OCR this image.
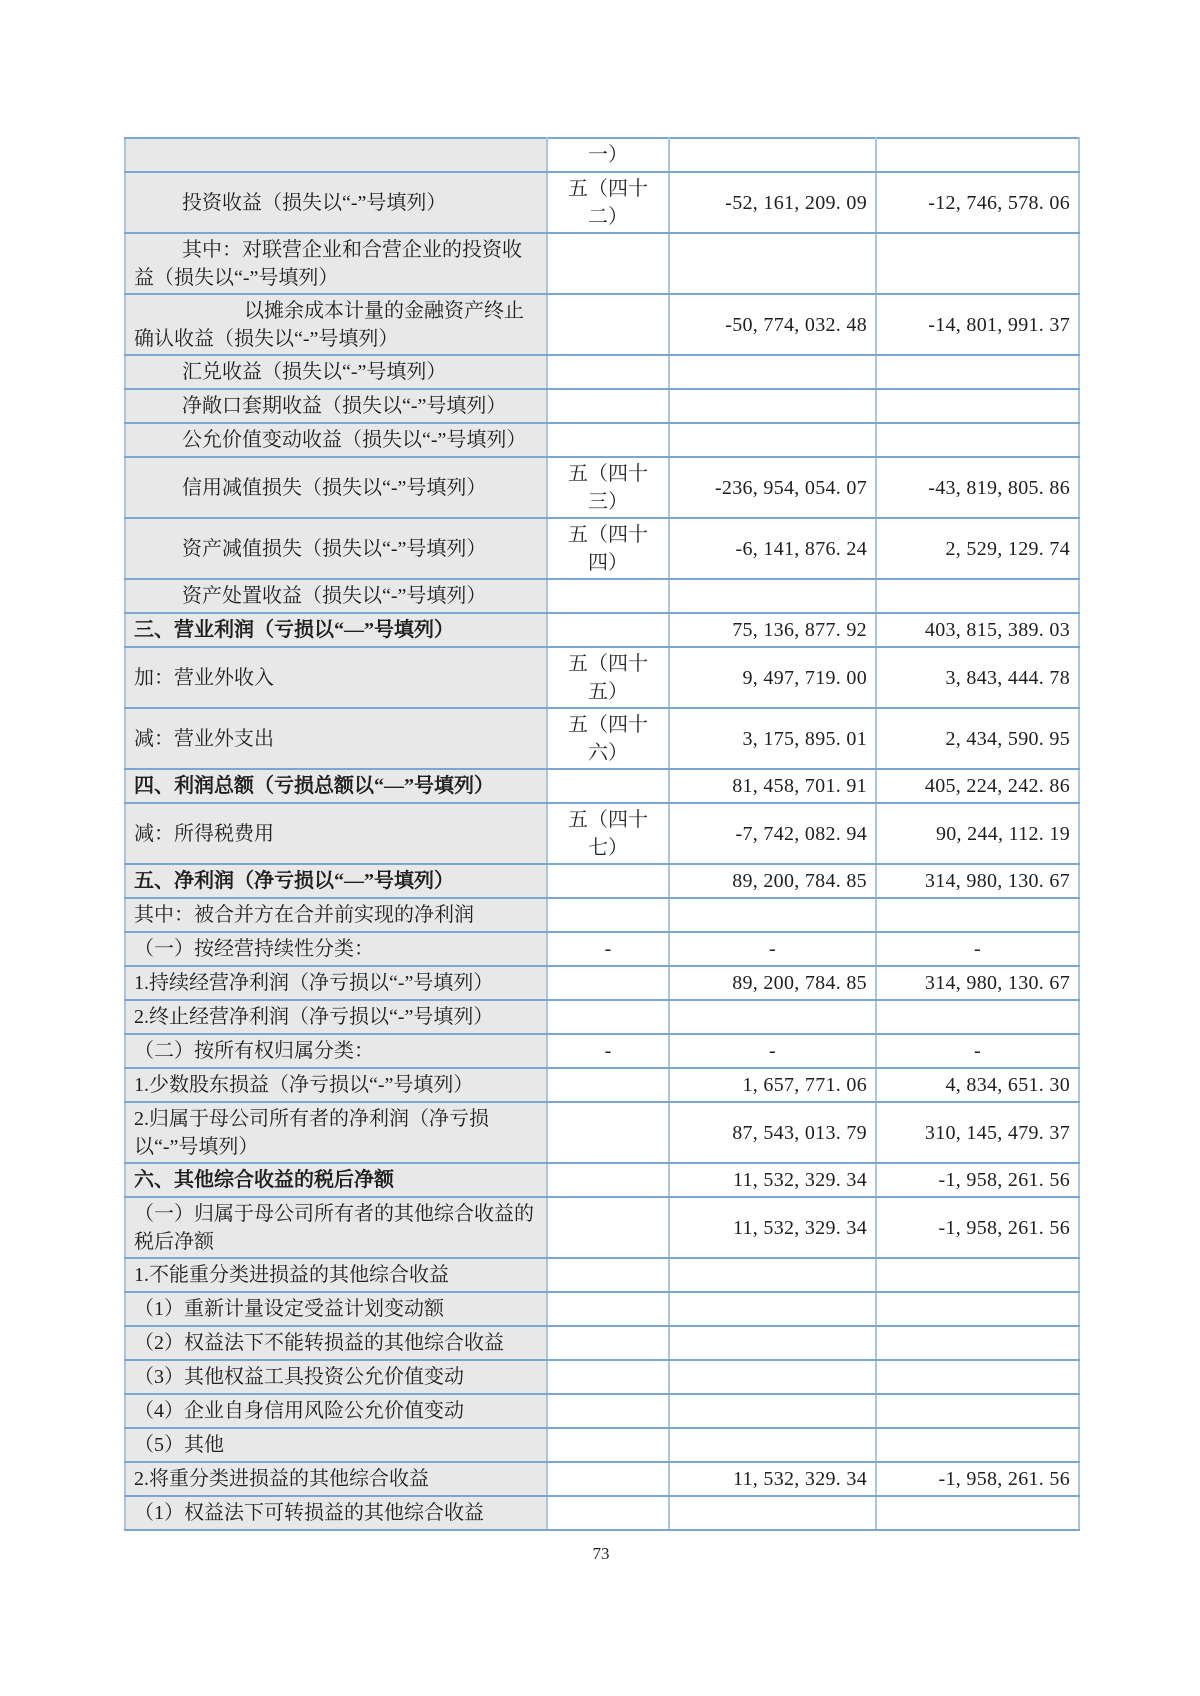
	一）		
投资收益（损失以“-”号填列）	五（四十二）	-52, 161, 209. 09	-12, 746, 578. 06
其中：对联营企业和合营企业的投资收益（损失以“-”号填列）			
以摊余成本计量的金融资产终止确认收益（损失以“-”号填列）		-50, 774, 032. 48	-14, 801, 991. 37
汇兑收益（损失以“-”号填列）			
净敞口套期收益（损失以“-”号填列）			
公允价值变动收益（损失以“-”号填列）			
信用减值损失（损失以“-”号填列）	五（四十三）	-236, 954, 054. 07	-43, 819, 805. 86
资产减值损失（损失以“-”号填列）	五（四十四）	-6, 141, 876. 24	2, 529, 129. 74
资产处置收益（损失以“-”号填列）			
三、营业利润（亏损以“—”号填列）		75, 136, 877. 92	403, 815, 389. 03
加：营业外收入	五（四十五）	9, 497, 719. 00	3, 843, 444. 78
减：营业外支出	五（四十六）	3, 175, 895. 01	2, 434, 590. 95
四、利润总额（亏损总额以“—”号填列）		81, 458, 701. 91	405, 224, 242. 86
减：所得税费用	五（四十七）	-7, 742, 082. 94	90, 244, 112. 19
五、净利润（净亏损以“—”号填列）		89, 200, 784. 85	314, 980, 130. 67
其中：被合并方在合并前实现的净利润			
（一）按经营持续性分类：	-	-	-
1.持续经营净利润（净亏损以“-”号填列）		89, 200, 784. 85	314, 980, 130. 67
2.终止经营净利润（净亏损以“-”号填列）			
（二）按所有权归属分类：	-	-	-
1.少数股东损益（净亏损以“-”号填列）		1, 657, 771. 06	4, 834, 651. 30
2.归属于母公司所有者的净利润（净亏损以“-”号填列）		87, 543, 013. 79	310, 145, 479. 37
六、其他综合收益的税后净额		11, 532, 329. 34	-1, 958, 261. 56
（一）归属于母公司所有者的其他综合收益的税后净额		11, 532, 329. 34	-1, 958, 261. 56
1.不能重分类进损益的其他综合收益			
（1）重新计量设定受益计划变动额			
（2）权益法下不能转损益的其他综合收益			
（3）其他权益工具投资公允价值变动			
（4）企业自身信用风险公允价值变动			
（5）其他			
2.将重分类进损益的其他综合收益		11, 532, 329. 34	-1, 958, 261. 56
（1）权益法下可转损益的其他综合收益			
73
